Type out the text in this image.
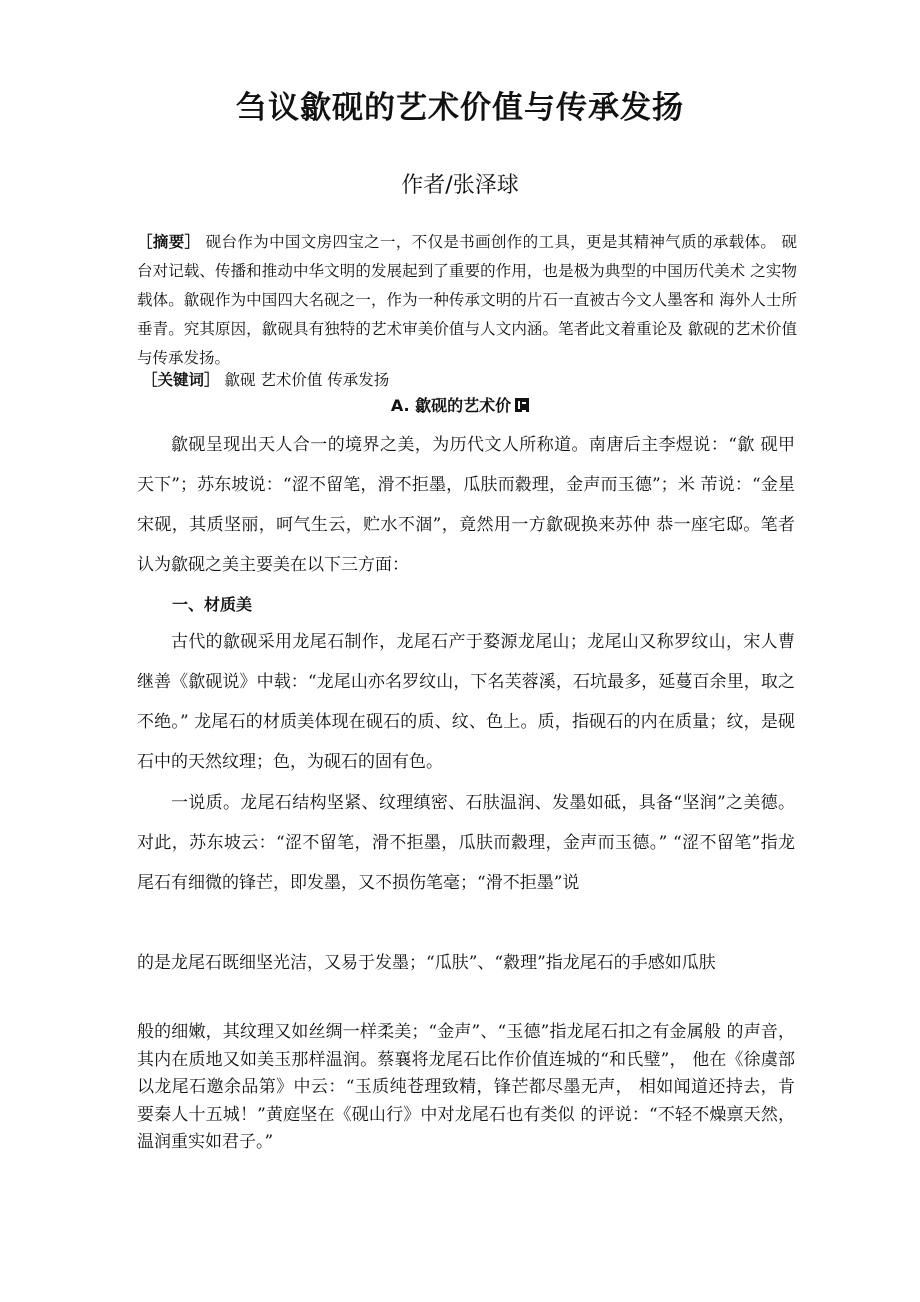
刍议歙砚的艺术价值与传承发扬
作者/张泽球
［摘要］ 砚台作为中国文房四宝之一，不仅是书画创作的工具，更是其精神气质的承载体。 砚台对记载、传播和推动中华文明的发展起到了重要的作用，也是极为典型的中国历代美术 之实物载体。歙砚作为中国四大名砚之一，作为一种传承文明的片石一直被古今文人墨客和 海外人士所垂青。究其原因，歙砚具有独特的艺术审美价值与人文内涵。笔者此文着重论及 歙砚的艺术价值与传承发扬。
［关键词］ 歙砚 艺术价值 传承发扬
A. 歙砚的艺术价

歙砚呈现出天人合一的境界之美，为历代文人所称道。南唐后主李煜说：“歙 砚甲天下”；苏东坡说：“涩不留笔，滑不拒墨，瓜肤而縠理，金声而玉德”；米 芾说：“金星宋砚，其质坚丽，呵气生云，贮水不涸”，竟然用一方歙砚换来苏仲 恭一座宅邸。笔者认为歙砚之美主要美在以下三方面：

一、材质美

古代的歙砚采用龙尾石制作，龙尾石产于婺源龙尾山；龙尾山又称罗纹山，宋人曹继善《歙砚说》中载：“龙尾山亦名罗纹山，下名芙蓉溪，石坑最多，延蔓百余里，取之不绝。” 龙尾石的材质美体现在砚石的质、纹、色上。质，指砚石的内在质量；纹，是砚石中的天然纹理；色，为砚石的固有色。

一说质。龙尾石结构坚紧、纹理缜密、石肤温润、发墨如砥，具备“坚润”之美德。对此，苏东坡云：“涩不留笔，滑不拒墨，瓜肤而縠理，金声而玉德。” “涩不留笔”指龙尾石有细微的锋芒，即发墨，又不损伤笔毫；“滑不拒墨”说

的是龙尾石既细坚光洁，又易于发墨；“瓜肤”、“縠理”指龙尾石的手感如瓜肤
般的细嫩，其纹理又如丝绸一样柔美；“金声”、“玉德”指龙尾石扣之有金属般 的声音，其内在质地又如美玉那样温润。蔡襄将龙尾石比作价值连城的“和氏璧”， 他在《徐虞部以龙尾石邀余品第》中云：“玉质纯苍理致精，锋芒都尽墨无声， 相如闻道还持去，肯要秦人十五城！”黄庭坚在《砚山行》中对龙尾石也有类似 的评说：“不轻不燥禀天然，温润重实如君子。”
